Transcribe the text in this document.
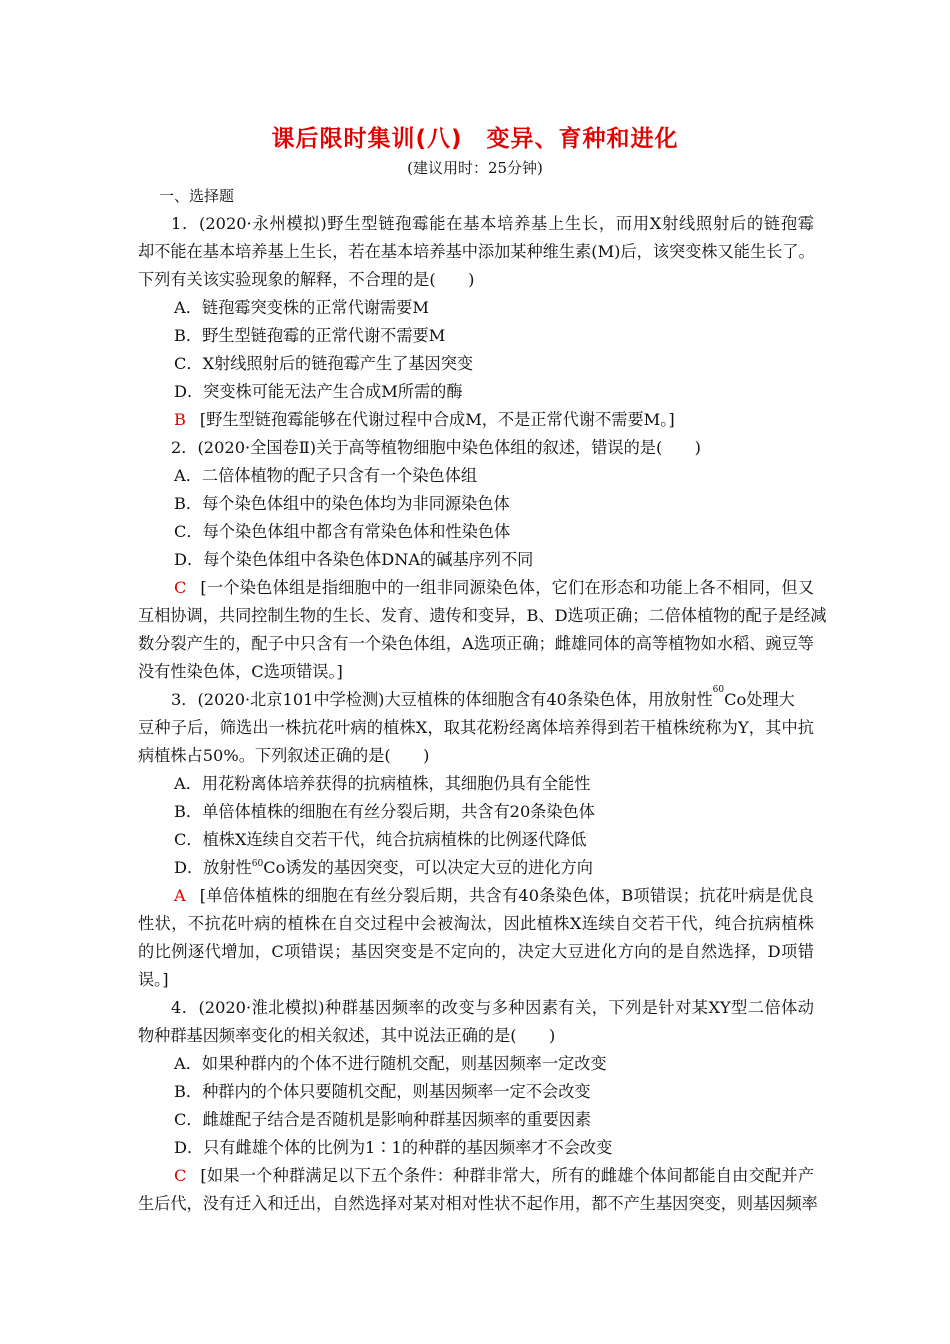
课后限时集训(八)　变异、育种和进化
(建议用时：25分钟)
一、选择题
1．(2020·永州模拟)野生型链孢霉能在基本培养基上生长，而用X射线照射后的链孢霉
却不能在基本培养基上生长，若在基本培养基中添加某种维生素(M)后，该突变株又能生长了。
下列有关该实验现象的解释，不合理的是(　　)
A．链孢霉突变株的正常代谢需要M
B．野生型链孢霉的正常代谢不需要M
C．X射线照射后的链孢霉产生了基因突变
D．突变株可能无法产生合成M所需的酶
B [野生型链孢霉能够在代谢过程中合成M，不是正常代谢不需要M。]
2．(2020·全国卷Ⅱ)关于高等植物细胞中染色体组的叙述，错误的是(　　)
A．二倍体植物的配子只含有一个染色体组
B．每个染色体组中的染色体均为非同源染色体
C．每个染色体组中都含有常染色体和性染色体
D．每个染色体组中各染色体DNA的碱基序列不同
C [一个染色体组是指细胞中的一组非同源染色体，它们在形态和功能上各不相同，但又
互相协调，共同控制生物的生长、发育、遗传和变异，B、D选项正确；二倍体植物的配子是经减
数分裂产生的，配子中只含有一个染色体组，A选项正确；雌雄同体的高等植物如水稻、豌豆等
没有性染色体，C选项错误。]
3．(2020·北京101中学检测)大豆植株的体细胞含有40条染色体，用放射性 60 Co处理大
豆种子后，筛选出一株抗花叶病的植株X，取其花粉经离体培养得到若干植株统称为Y，其中抗
病植株占50%。下列叙述正确的是(　　)
A．用花粉离体培养获得的抗病植株，其细胞仍具有全能性
B．单倍体植株的细胞在有丝分裂后期，共含有20条染色体
C．植株X连续自交若干代，纯合抗病植株的比例逐代降低
D．放射性$^{60}$Co诱发的基因突变，可以决定大豆的进化方向
A [单倍体植株的细胞在有丝分裂后期，共含有40条染色体，B项错误；抗花叶病是优良
性状，不抗花叶病的植株在自交过程中会被淘汰，因此植株X连续自交若干代，纯合抗病植株
的比例逐代增加，C项错误；基因突变是不定向的，决定大豆进化方向的是自然选择，D项错
误。]
4．(2020·淮北模拟)种群基因频率的改变与多种因素有关，下列是针对某XY型二倍体动
物种群基因频率变化的相关叙述，其中说法正确的是(　　)
A．如果种群内的个体不进行随机交配，则基因频率一定改变
B．种群内的个体只要随机交配，则基因频率一定不会改变
C．雌雄配子结合是否随机是影响种群基因频率的重要因素
D．只有雌雄个体的比例为1∶1的种群的基因频率才不会改变
C [如果一个种群满足以下五个条件：种群非常大，所有的雌雄个体间都能自由交配并产
生后代，没有迁入和迁出，自然选择对某对相对性状不起作用，都不产生基因突变，则基因频率
